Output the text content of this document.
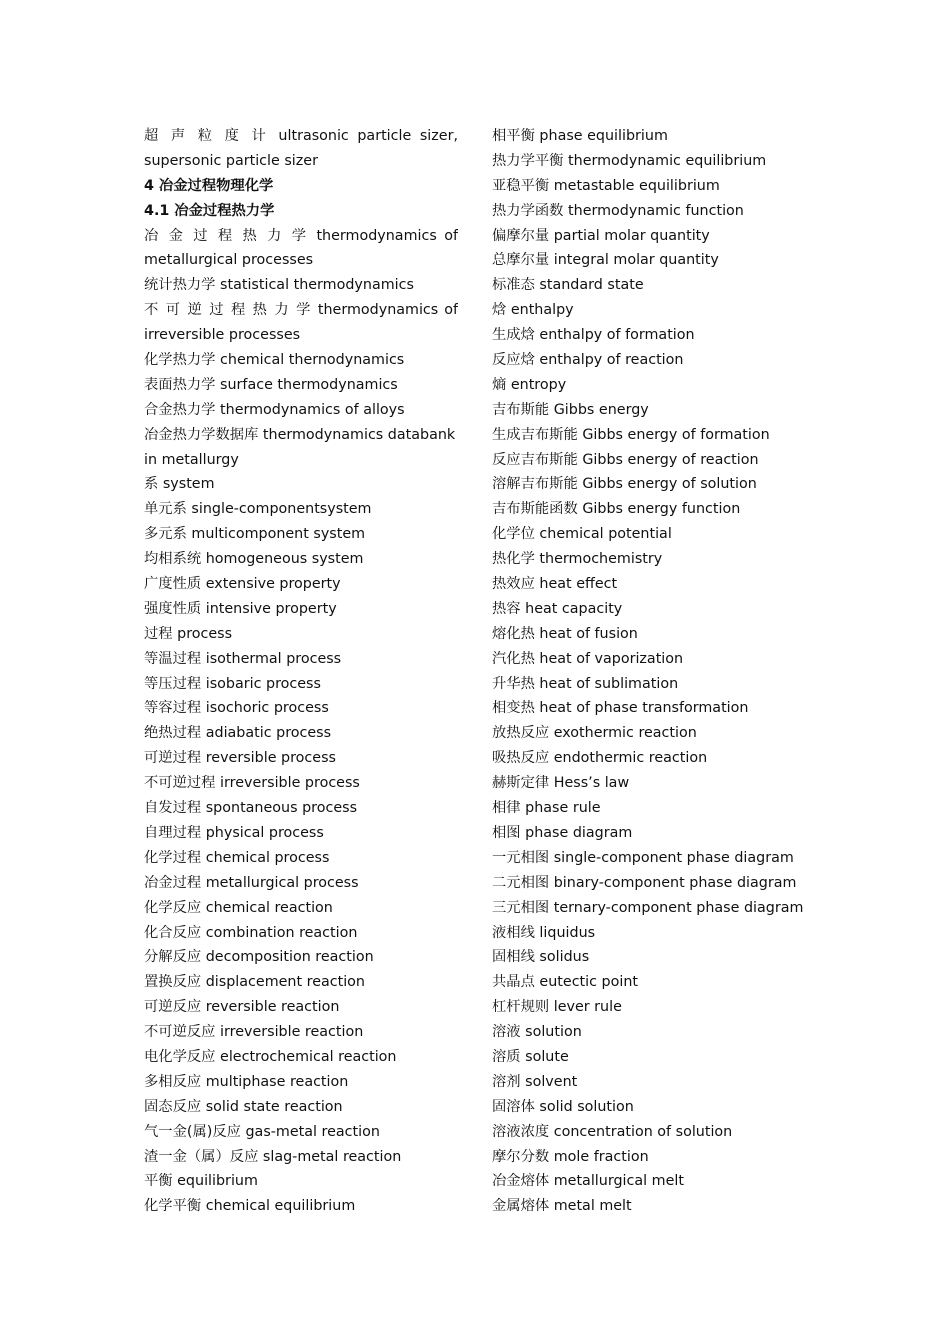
超 声 粒 度 计 ultrasonic particle sizer,
supersonic particle sizer
4 冶金过程物理化学
4.1 冶金过程热力学
冶 金 过 程 热 力 学 thermodynamics of
metallurgical processes
统计热力学 statistical thermodynamics
不 可 逆 过 程 热 力 学 thermodynamics of
irreversible processes
化学热力学 chemical thernodynamics
表面热力学 surface thermodynamics
合金热力学 thermodynamics of alloys
冶金热力学数据库 thermodynamics databank
in metallurgy
系 system
单元系 single-componentsystem
多元系 multicomponent system
均相系统 homogeneous system
广度性质 extensive property
强度性质 intensive property
过程 process
等温过程 isothermal process
等压过程 isobaric process
等容过程 isochoric process
绝热过程 adiabatic process
可逆过程 reversible process
不可逆过程 irreversible process
自发过程 spontaneous process
自理过程 physical process
化学过程 chemical process
冶金过程 metallurgical process
化学反应 chemical reaction
化合反应 combination reaction
分解反应 decomposition reaction
置换反应 displacement reaction
可逆反应 reversible reaction
不可逆反应 irreversible reaction
电化学反应 electrochemical reaction
多相反应 multiphase reaction
固态反应 solid state reaction
气一金(属)反应 gas-metal reaction
渣一金（属）反应 slag-metal reaction
平衡 equilibrium
化学平衡 chemical equilibrium
相平衡 phase equilibrium
热力学平衡 thermodynamic equilibrium
亚稳平衡 metastable equilibrium
热力学函数 thermodynamic function
偏摩尔量 partial molar quantity
总摩尔量 integral molar quantity
标准态 standard state
焓 enthalpy
生成焓 enthalpy of formation
反应焓 enthalpy of reaction
熵 entropy
吉布斯能 Gibbs energy
生成吉布斯能 Gibbs energy of formation
反应吉布斯能 Gibbs energy of reaction
溶解吉布斯能 Gibbs energy of solution
吉布斯能函数 Gibbs energy function
化学位 chemical potential
热化学 thermochemistry
热效应 heat effect
热容 heat capacity
熔化热 heat of fusion
汽化热 heat of vaporization
升华热 heat of sublimation
相变热 heat of phase transformation
放热反应 exothermic reaction
吸热反应 endothermic reaction
赫斯定律 Hess’s law
相律 phase rule
相图 phase diagram
一元相图 single-component phase diagram
二元相图 binary-component phase diagram
三元相图 ternary-component phase diagram
液相线 liquidus
固相线 solidus
共晶点 eutectic point
杠杆规则 lever rule
溶液 solution
溶质 solute
溶剂 solvent
固溶体 solid solution
溶液浓度 concentration of solution
摩尔分数 mole fraction
冶金熔体 metallurgical melt
金属熔体 metal melt
